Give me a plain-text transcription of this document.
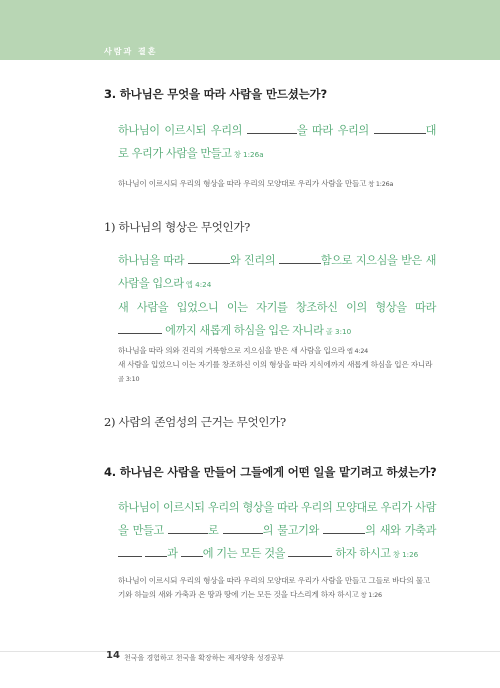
사람과 결혼
3. 하나님은 무엇을 따라 사람을 만드셨는가?
하나님이 이르시되 우리의	을 따라 우리의	대로 우리가 사람을 만들고 창 1:26a
하나님이 이르시되 우리의 형상을 따라 우리의 모양대로 우리가 사람을 만들고 창 1:26a
1) 하나님의 형상은 무엇인가?
하나님을 따라	와 진리의	함으로 지으심을 받은 새 사람을 입으라 엡 4:24
새 사람을 입었으니 이는 자기를 창조하신 이의 형상을 따라  에까지 새롭게 하심을 입은 자니라 골 3:10
하나님을 따라 의와 진리의 거룩함으로 지으심을 받은 새 사람을 입으라 엡 4:24
새 사람을 입었으니 이는 자기를 창조하신 이의 형상을 따라 지식에까지 새롭게 하심을 입은 자니라 골 3:10
2) 사람의 존엄성의 근거는 무엇인가?
4. 하나님은 사람을 만들어 그들에게 어떤 일을 맡기려고 하셨는가?
하나님이 이르시되 우리의 형상을 따라 우리의 모양대로 우리가 사람을 만들고	로	의 물고기와	의 새와 가축과  과 에 기는 모든 것을	하자 하시고 창 1:26
하나님이 이르시되 우리의 형상을 따라 우리의 모양대로 우리가 사람을 만들고 그들로 바다의 물고기와 하늘의 새와 가축과 온 땅과 땅에 기는 모든 것을 다스리게 하자 하시고 창 1:26
14 천국을 경험하고 천국을 확장하는 제자양육 성경공부
